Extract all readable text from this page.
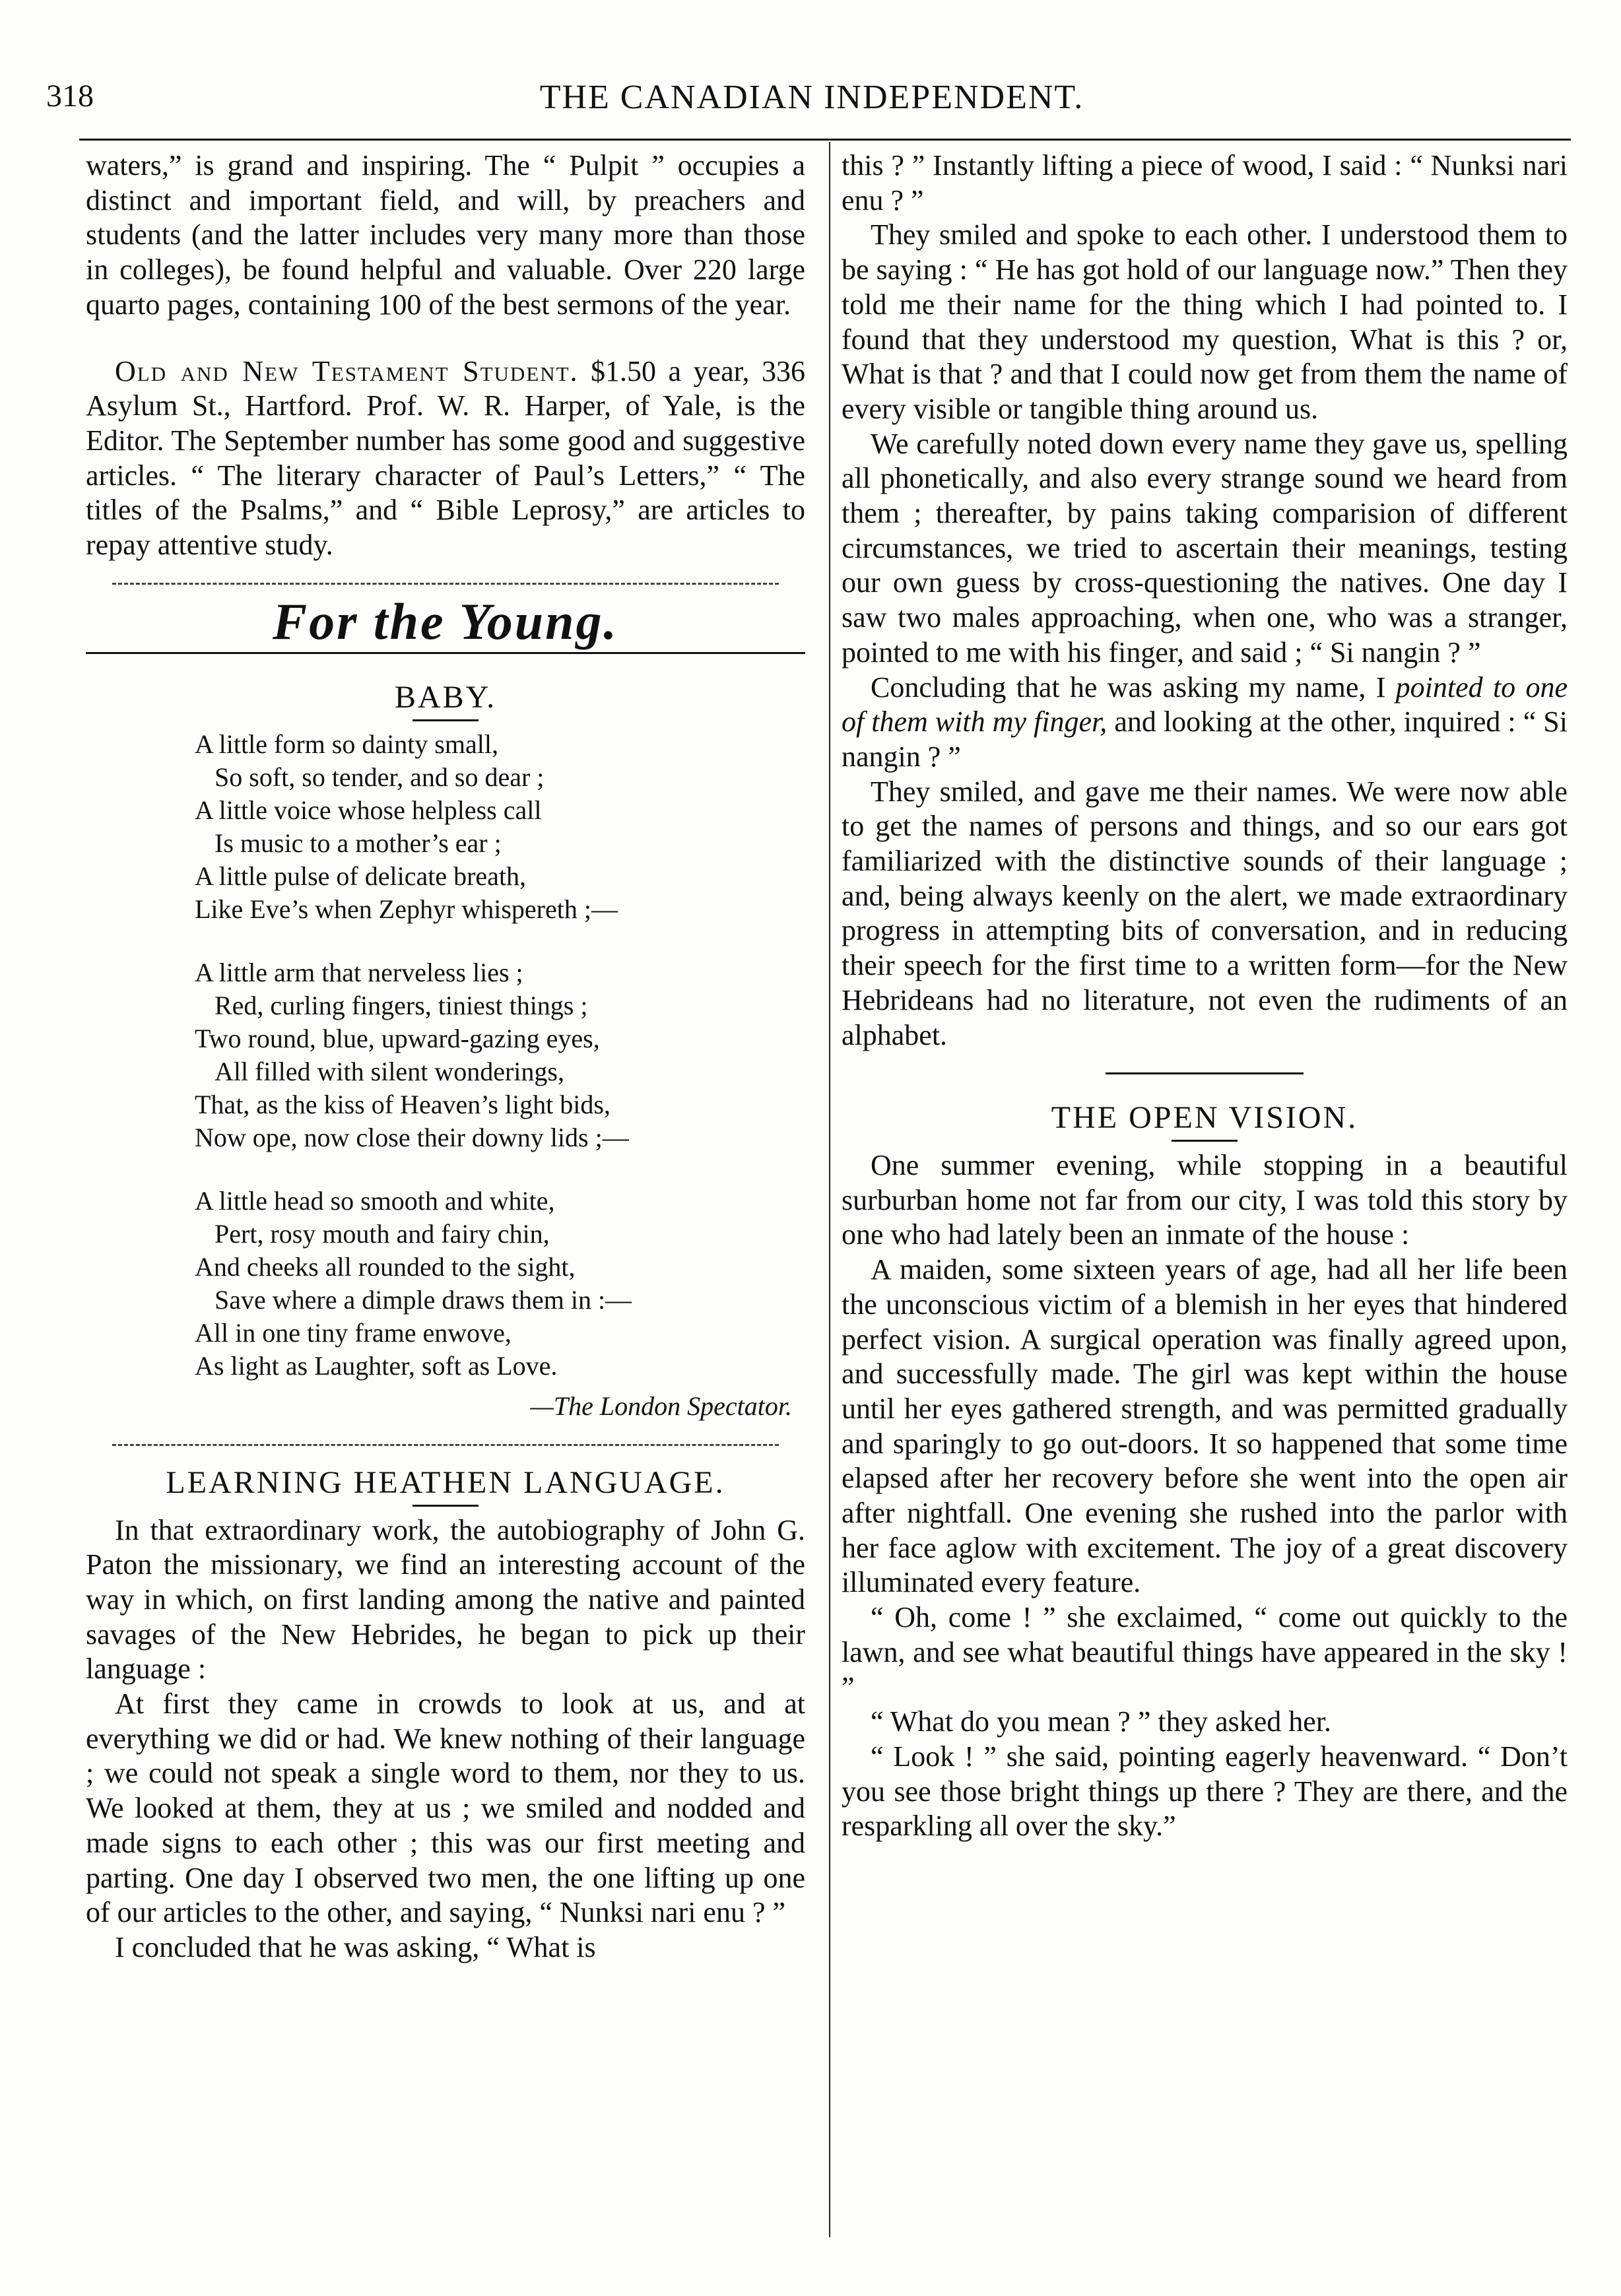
318	THE CANADIAN INDEPENDENT.

waters,” is grand and inspiring. The “ Pulpit ” occupies a distinct and important field, and will, by preachers and students (and the latter includes very many more than those in colleges), be found helpful and valuable. Over 220 large quarto pages, containing 100 of the best sermons of the year.

Old and New Testament Student. $1.50 a year, 336 Asylum St., Hartford. Prof. W. R. Harper, of Yale, is the Editor. The September number has some good and suggestive articles. “ The literary character of Paul’s Letters,” “ The titles of the Psalms,” and “ Bible Leprosy,” are articles to repay attentive study.

For the Young.
BABY.
A little form so dainty small,
So soft, so tender, and so dear ;
A little voice whose helpless call
Is music to a mother’s ear ;
A little pulse of delicate breath,
Like Eve’s when Zephyr whispereth ;—
A little arm that nerveless lies ;
Red, curling fingers, tiniest things ;
Two round, blue, upward-gazing eyes,
All filled with silent wonderings,
That, as the kiss of Heaven’s light bids,
Now ope, now close their downy lids ;—
A little head so smooth and white,
Pert, rosy mouth and fairy chin,
And cheeks all rounded to the sight,
Save where a dimple draws them in :—
All in one tiny frame enwove,
As light as Laughter, soft as Love.
—The London Spectator.
LEARNING HEATHEN LANGUAGE.

In that extraordinary work, the autobiography of John G. Paton the missionary, we find an interesting account of the way in which, on first landing among the native and painted savages of the New Hebrides, he began to pick up their language :

At first they came in crowds to look at us, and at everything we did or had. We knew nothing of their language ; we could not speak a single word to them, nor they to us. We looked at them, they at us ; we smiled and nodded and made signs to each other ; this was our first meeting and parting. One day I observed two men, the one lifting up one of our articles to the other, and saying, “ Nunksi nari enu ? ”

I concluded that he was asking, “ What is

this ? ” Instantly lifting a piece of wood, I said : “ Nunksi nari enu ? ”

They smiled and spoke to each other. I understood them to be saying : “ He has got hold of our language now.” Then they told me their name for the thing which I had pointed to. I found that they understood my question, What is this ? or, What is that ? and that I could now get from them the name of every visible or tangible thing around us.

We carefully noted down every name they gave us, spelling all phonetically, and also every strange sound we heard from them ; thereafter, by pains taking comparision of different circumstances, we tried to ascertain their meanings, testing our own guess by cross-questioning the natives. One day I saw two males approaching, when one, who was a stranger, pointed to me with his finger, and said ; “ Si nangin ? ”

Concluding that he was asking my name, I pointed to one of them with my finger, and looking at the other, inquired : “ Si nangin ? ”

They smiled, and gave me their names. We were now able to get the names of persons and things, and so our ears got familiarized with the distinctive sounds of their language ; and, being always keenly on the alert, we made extraordinary progress in attempting bits of conversation, and in reducing their speech for the first time to a written form—for the New Hebrideans had no literature, not even the rudiments of an alphabet.

THE OPEN VISION.

One summer evening, while stopping in a beautiful surburban home not far from our city, I was told this story by one who had lately been an inmate of the house :

A maiden, some sixteen years of age, had all her life been the unconscious victim of a blemish in her eyes that hindered perfect vision. A surgical operation was finally agreed upon, and successfully made. The girl was kept within the house until her eyes gathered strength, and was permitted gradually and sparingly to go out-doors. It so happened that some time elapsed after her recovery before she went into the open air after nightfall. One evening she rushed into the parlor with her face aglow with excitement. The joy of a great discovery illuminated every feature.

“ Oh, come ! ” she exclaimed, “ come out quickly to the lawn, and see what beautiful things have appeared in the sky ! ”

“ What do you mean ? ” they asked her.

“ Look ! ” she said, pointing eagerly heavenward. “ Don’t you see those bright things up there ? They are there, and the resparkling all over the sky.”
